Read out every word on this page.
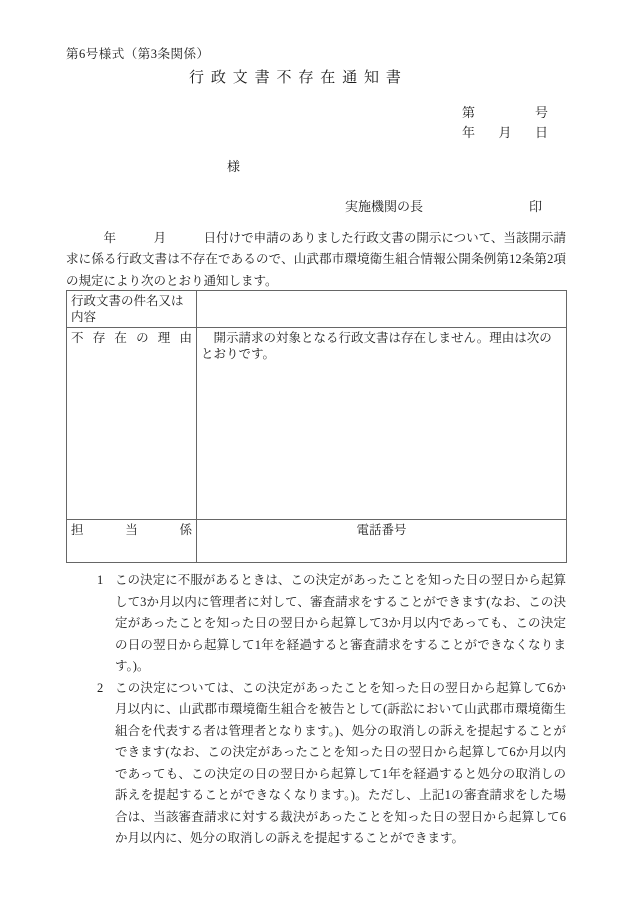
第6号様式（第3条関係）
行 政 文 書 不 存 在 通 知 書
第	号
年 月 日
様
実施機関の長	印

　　　年　　　月　　　日付けで申請のありました行政文書の開示について、当該開示請求に係る行政文書は不存在であるので、山武郡市環境衛生組合情報公開条例第12条第2項の規定により次のとおり通知します。

行政文書の件名又は内容	

不 存 在 の 理 由	　開示請求の対象となる行政文書は存在しません。理由は次のとおりです。

担 当 係	電話番号
1 この決定に不服があるときは、この決定があったことを知った日の翌日から起算して3か月以内に管理者に対して、審査請求をすることができます(なお、この決定があったことを知った日の翌日から起算して3か月以内であっても、この決定の日の翌日から起算して1年を経過すると審査請求をすることができなくなります。)。
2 この決定については、この決定があったことを知った日の翌日から起算して6か月以内に、山武郡市環境衛生組合を被告として(訴訟において山武郡市環境衛生組合を代表する者は管理者となります。)、処分の取消しの訴えを提起することができます(なお、この決定があったことを知った日の翌日から起算して6か月以内であっても、この決定の日の翌日から起算して1年を経過すると処分の取消しの訴えを提起することができなくなります。)。ただし、上記1の審査請求をした場合は、当該審査請求に対する裁決があったことを知った日の翌日から起算して6か月以内に、処分の取消しの訴えを提起することができます。
